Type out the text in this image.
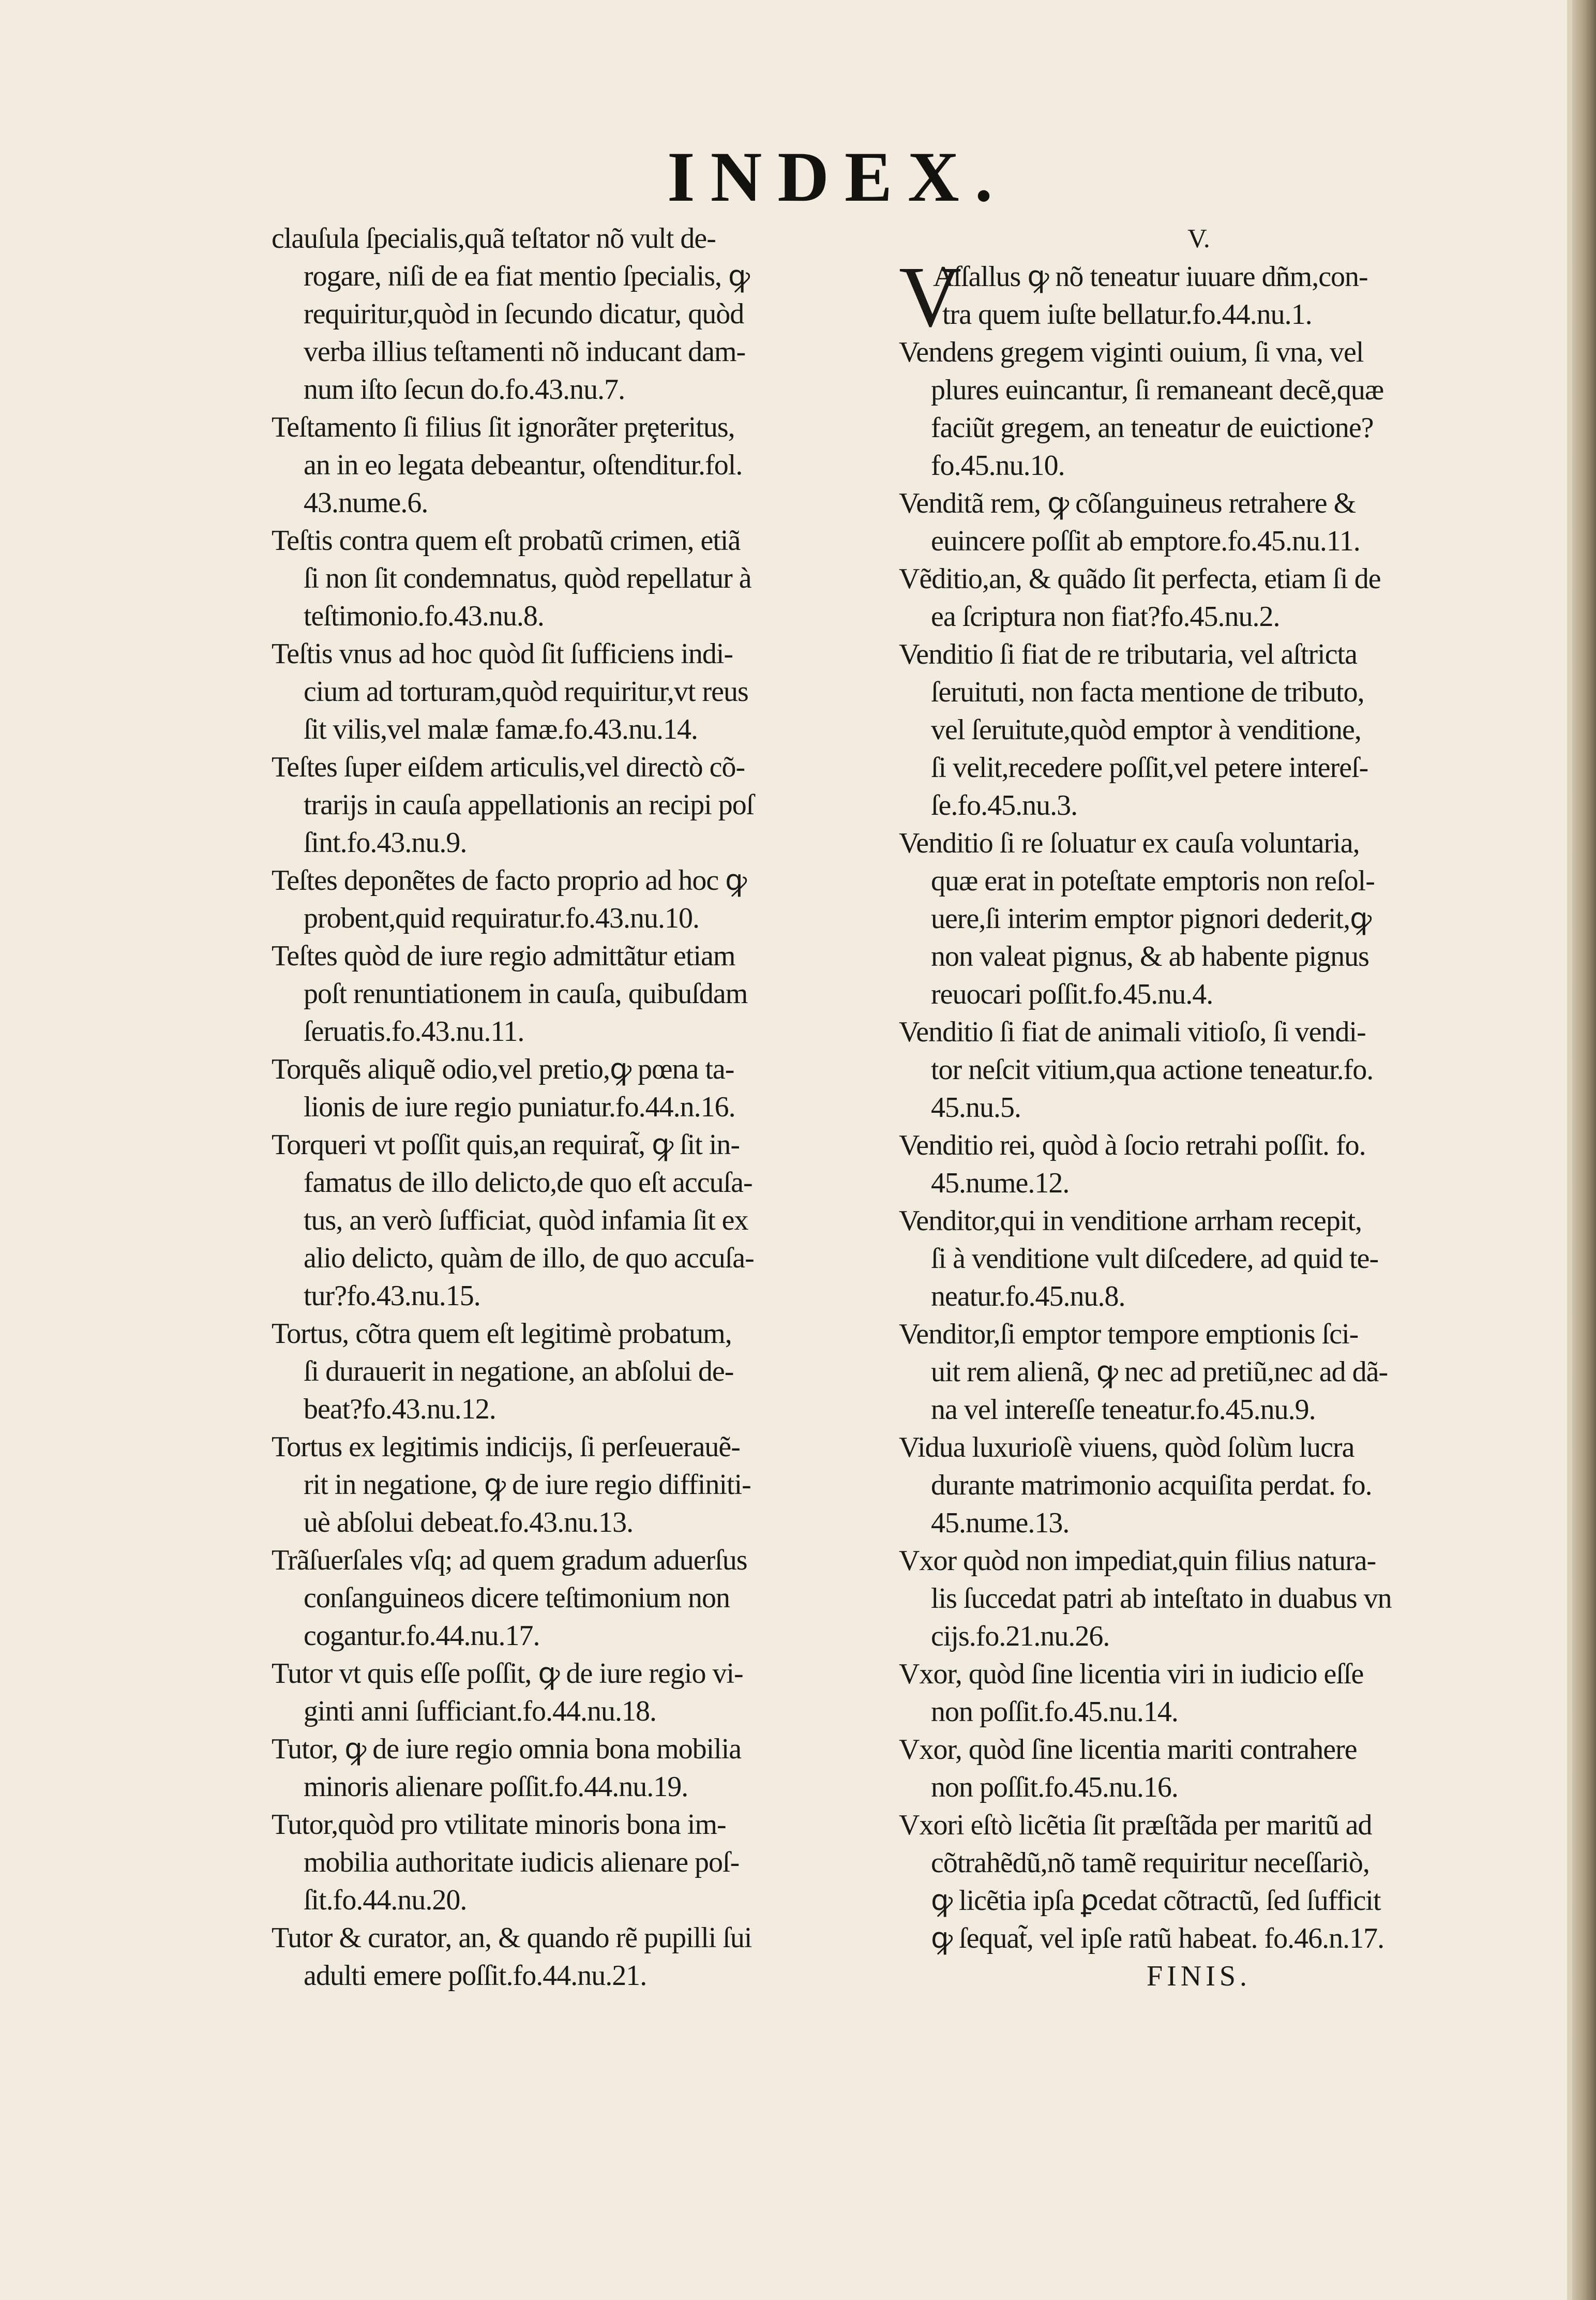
INDEX.
clauſula ſpecialis,quã teſtator nõ vult de-
rogare, niſi de ea fiat mentio ſpecialis, ꝙ
requiritur,quòd in ſecundo dicatur, quòd
verba illius teſtamenti nõ inducant dam-
num iſto ſecun do.fo.43.nu.7.
Teſtamento ſi filius ſit ignorãter prȩteritus,
an in eo legata debeantur, oſtenditur.fol.
43.nume.6.
Teſtis contra quem eſt probatũ crimen, etiã
ſi non ſit condemnatus, quòd repellatur à
teſtimonio.fo.43.nu.8.
Teſtis vnus ad hoc quòd ſit ſufficiens indi-
cium ad torturam,quòd requiritur,vt reus
ſit vilis,vel malæ famæ.fo.43.nu.14.
Teſtes ſuper eiſdem articulis,vel directò cõ-
trarijs in cauſa appellationis an recipi poſ
ſint.fo.43.nu.9.
Teſtes deponẽtes de facto proprio ad hoc ꝙ
probent,quid requiratur.fo.43.nu.10.
Teſtes quòd de iure regio admittãtur etiam
poſt renuntiationem in cauſa, quibuſdam
ſeruatis.fo.43.nu.11.
Torquẽs aliquẽ odio,vel pretio,ꝙ pœna ta-
lionis de iure regio puniatur.fo.44.n.16.
Torqueri vt poſſit quis,an requirat̃, ꝙ ſit in-
famatus de illo delicto,de quo eſt accuſa-
tus, an verò ſufficiat, quòd infamia ſit ex
alio delicto, quàm de illo, de quo accuſa-
tur?fo.43.nu.15.
Tortus, cõtra quem eſt legitimè probatum,
ſi durauerit in negatione, an abſolui de-
beat?fo.43.nu.12.
Tortus ex legitimis indicijs, ſi perſeuerauẽ-
rit in negatione, ꝙ de iure regio diffiniti-
uè abſolui debeat.fo.43.nu.13.
Trãſuerſales vſq; ad quem gradum aduerſus
conſanguineos dicere teſtimonium non
cogantur.fo.44.nu.17.
Tutor vt quis eſſe poſſit, ꝙ de iure regio vi-
ginti anni ſufficiant.fo.44.nu.18.
Tutor, ꝙ de iure regio omnia bona mobilia
minoris alienare poſſit.fo.44.nu.19.
Tutor,quòd pro vtilitate minoris bona im-
mobilia authoritate iudicis alienare poſ-
ſit.fo.44.nu.20.
Tutor & curator, an, & quando rẽ pupilli ſui
adulti emere poſſit.fo.44.nu.21.
V.
V
Aſſallus ꝙ nõ teneatur iuuare dñm,con-
tra quem iuſte bellatur.fo.44.nu.1.
Vendens gregem viginti ouium, ſi vna, vel
plures euincantur, ſi remaneant decẽ,quæ
faciũt gregem, an teneatur de euictione?
fo.45.nu.10.
Venditã rem, ꝙ cõſanguineus retrahere &
euincere poſſit ab emptore.fo.45.nu.11.
Vẽditio,an, & quãdo ſit perfecta, etiam ſi de
ea ſcriptura non fiat?fo.45.nu.2.
Venditio ſi fiat de re tributaria, vel aſtricta
ſeruituti, non facta mentione de tributo,
vel ſeruitute,quòd emptor à venditione,
ſi velit,recedere poſſit,vel petere intereſ-
ſe.fo.45.nu.3.
Venditio ſi re ſoluatur ex cauſa voluntaria,
quæ erat in poteſtate emptoris non reſol-
uere,ſi interim emptor pignori dederit,ꝙ
non valeat pignus, & ab habente pignus
reuocari poſſit.fo.45.nu.4.
Venditio ſi fiat de animali vitioſo, ſi vendi-
tor neſcit vitium,qua actione teneatur.fo.
45.nu.5.
Venditio rei, quòd à ſocio retrahi poſſit. fo.
45.nume.12.
Venditor,qui in venditione arrham recepit,
ſi à venditione vult diſcedere, ad quid te-
neatur.fo.45.nu.8.
Venditor,ſi emptor tempore emptionis ſci-
uit rem alienã, ꝙ nec ad pretiũ,nec ad dã-
na vel intereſſe teneatur.fo.45.nu.9.
Vidua luxurioſè viuens, quòd ſolùm lucra
durante matrimonio acquiſita perdat. fo.
45.nume.13.
Vxor quòd non impediat,quin filius natura-
lis ſuccedat patri ab inteſtato in duabus vn
cijs.fo.21.nu.26.
Vxor, quòd ſine licentia viri in iudicio eſſe
non poſſit.fo.45.nu.14.
Vxor, quòd ſine licentia mariti contrahere
non poſſit.fo.45.nu.16.
Vxori eſtò licẽtia ſit præſtãda per maritũ ad
cõtrahẽdũ,nõ tamẽ requiritur neceſſariò,
ꝙ licẽtia ipſa ꝑcedat cõtractũ, ſed ſufficit
ꝙ ſequat̃, vel ipſe ratũ habeat. fo.46.n.17.
FINIS.
